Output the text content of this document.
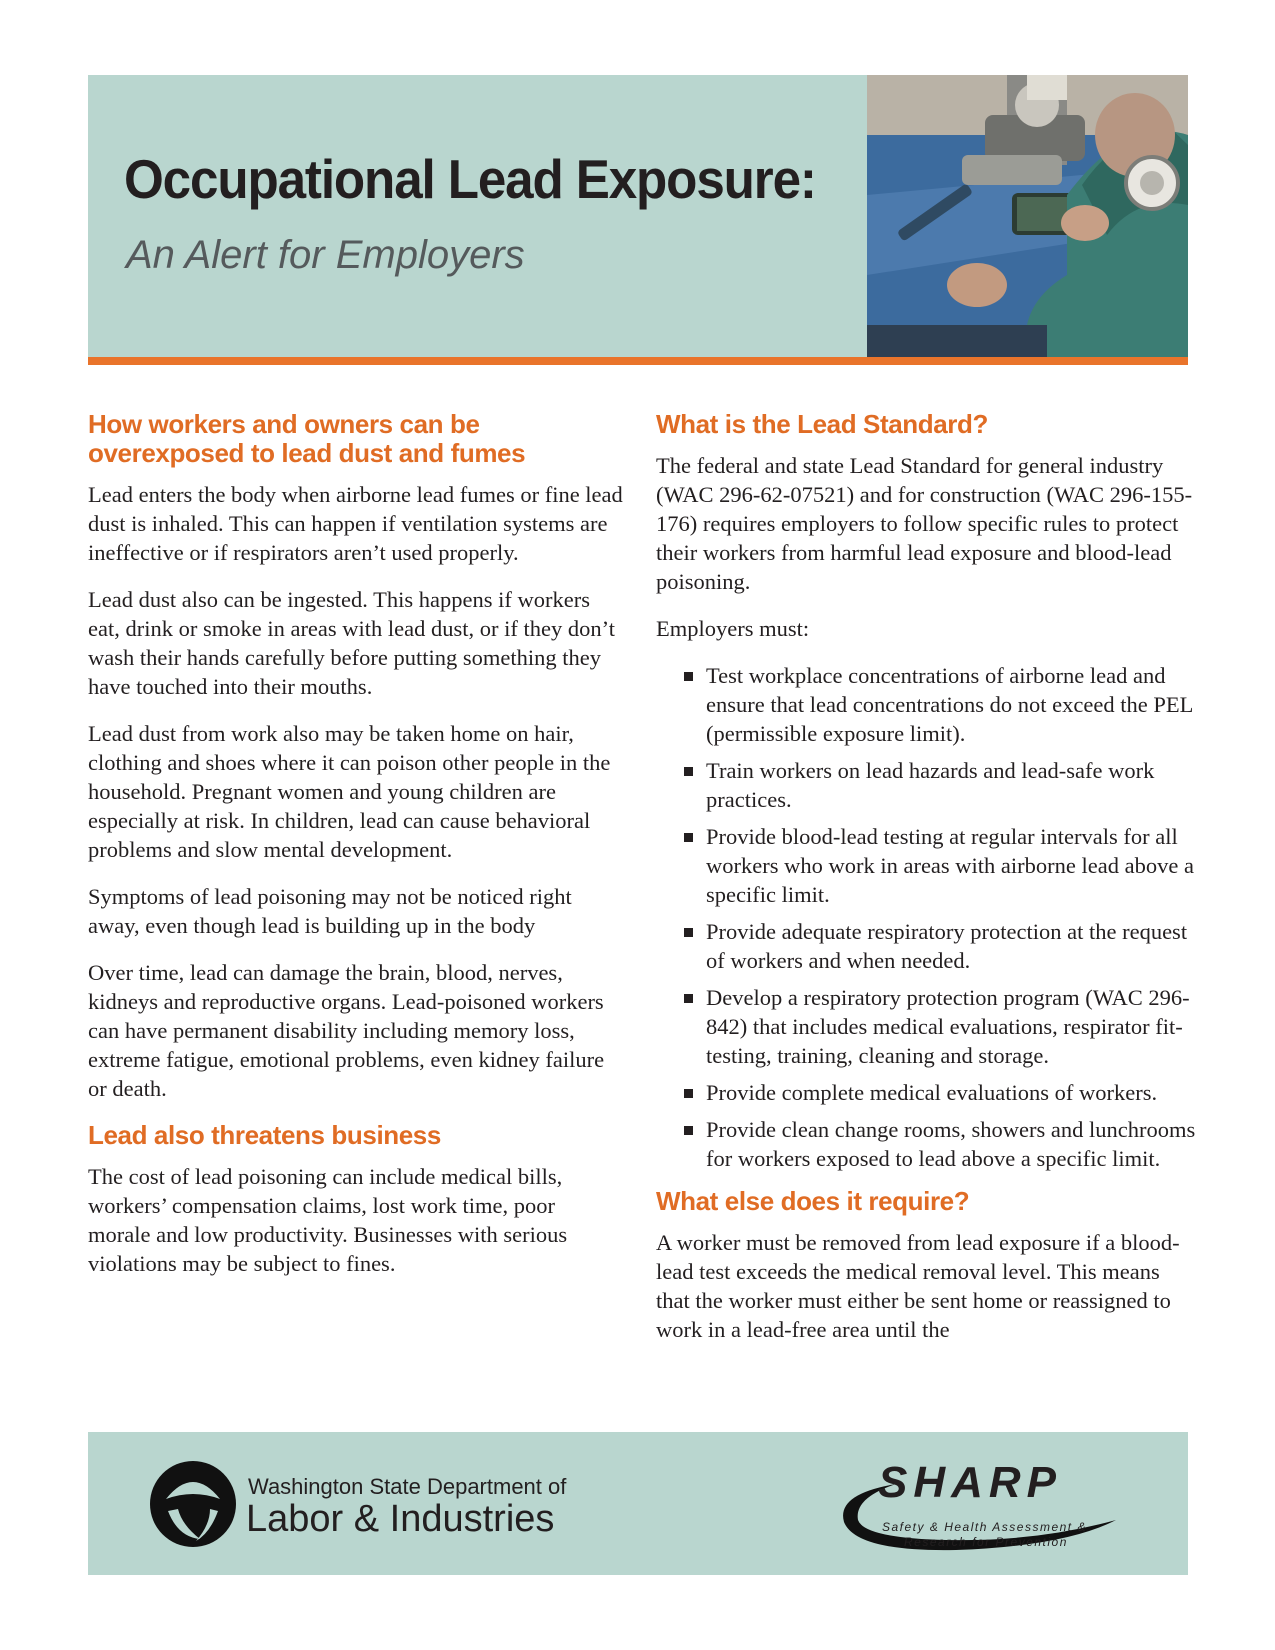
Occupational Lead Exposure:
An Alert for Employers
How workers and owners can be overexposed to lead dust and fumes

Lead enters the body when airborne lead fumes or fine lead dust is inhaled. This can happen if ventilation systems are ineffective or if respirators aren’t used properly.

Lead dust also can be ingested. This happens if workers eat, drink or smoke in areas with lead dust, or if they don’t wash their hands carefully before putting something they have touched into their mouths.

Lead dust from work also may be taken home on hair, clothing and shoes where it can poison other people in the household. Pregnant women and young children are especially at risk. In children, lead can cause behavioral problems and slow mental development.

Symptoms of lead poisoning may not be noticed right away, even though lead is building up in the body

Over time, lead can damage the brain, blood, nerves, kidneys and reproductive organs. Lead-poisoned workers can have permanent disability including memory loss, extreme fatigue, emotional problems, even kidney failure or death.

Lead also threatens business

The cost of lead poisoning can include medical bills, workers’ compensation claims, lost work time, poor morale and low productivity. Businesses with serious violations may be subject to fines.

What is the Lead Standard?

The federal and state Lead Standard for general industry (WAC 296-62-07521) and for construction (WAC 296-155-176) requires employers to follow specific rules to protect their workers from harmful lead exposure and blood-lead poisoning.

Employers must:

Test workplace concentrations of airborne lead and ensure that lead concentrations do not exceed the PEL (permissible exposure limit).
Train workers on lead hazards and lead-safe work practices.
Provide blood-lead testing at regular intervals for all workers who work in areas with airborne lead above a specific limit.
Provide adequate respiratory protection at the request of workers and when needed.
Develop a respiratory protection program (WAC 296-842) that includes medical evaluations, respirator fit-testing, training, cleaning and storage.
Provide complete medical evaluations of workers.
Provide clean change rooms, showers and lunchrooms for workers exposed to lead above a specific limit.
What else does it require?

A worker must be removed from lead exposure if a blood-lead test exceeds the medical removal level. This means that the worker must either be sent home or reassigned to work in a lead-free area until the

Washington State Department of
Labor & Industries
SHARP
Safety & Health Assessment &
Research for Prevention
